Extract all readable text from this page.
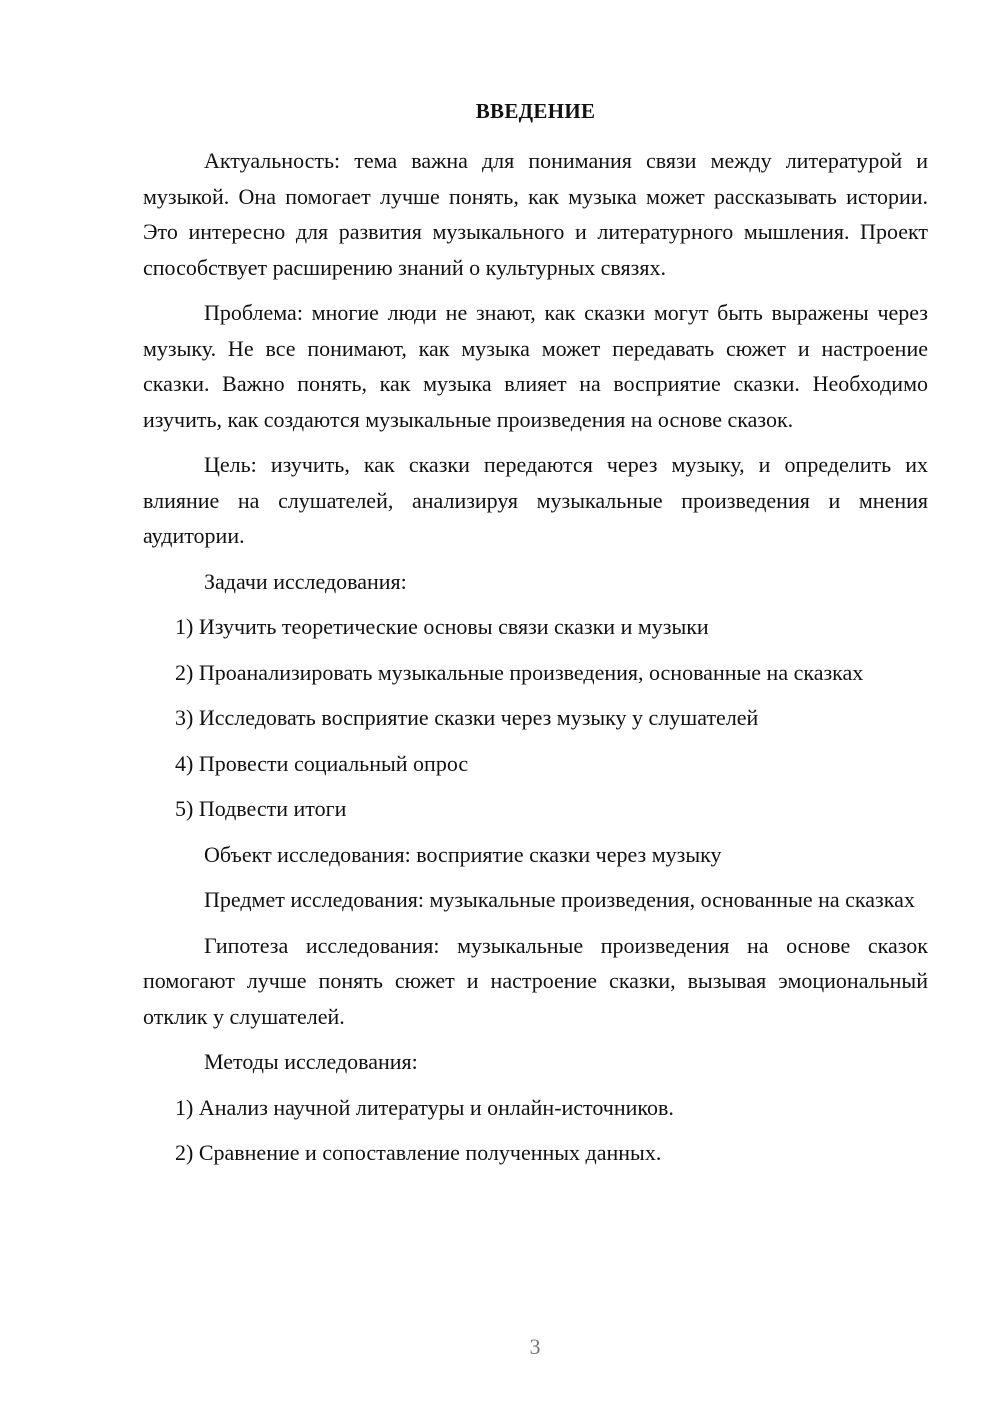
ВВЕДЕНИЕ

Актуальность: тема важна для понимания связи между литературой и музыкой. Она помогает лучше понять, как музыка может рассказывать истории. Это интересно для развития музыкального и литературного мышления. Проект способствует расширению знаний о культурных связях.

Проблема: многие люди не знают, как сказки могут быть выражены через музыку. Не все понимают, как музыка может передавать сюжет и настроение сказки. Важно понять, как музыка влияет на восприятие сказки. Необходимо изучить, как создаются музыкальные произведения на основе сказок.

Цель: изучить, как сказки передаются через музыку, и определить их влияние на слушателей, анализируя музыкальные произведения и мнения аудитории.

Задачи исследования:

1) Изучить теоретические основы связи сказки и музыки

2) Проанализировать музыкальные произведения, основанные на сказках

3) Исследовать восприятие сказки через музыку у слушателей

4) Провести социальный опрос

5) Подвести итоги

Объект исследования: восприятие сказки через музыку

Предмет исследования: музыкальные произведения, основанные на сказках

Гипотеза исследования: музыкальные произведения на основе сказок помогают лучше понять сюжет и настроение сказки, вызывая эмоциональный отклик у слушателей.

Методы исследования:

1) Анализ научной литературы и онлайн-источников.

2) Сравнение и сопоставление полученных данных.

3
